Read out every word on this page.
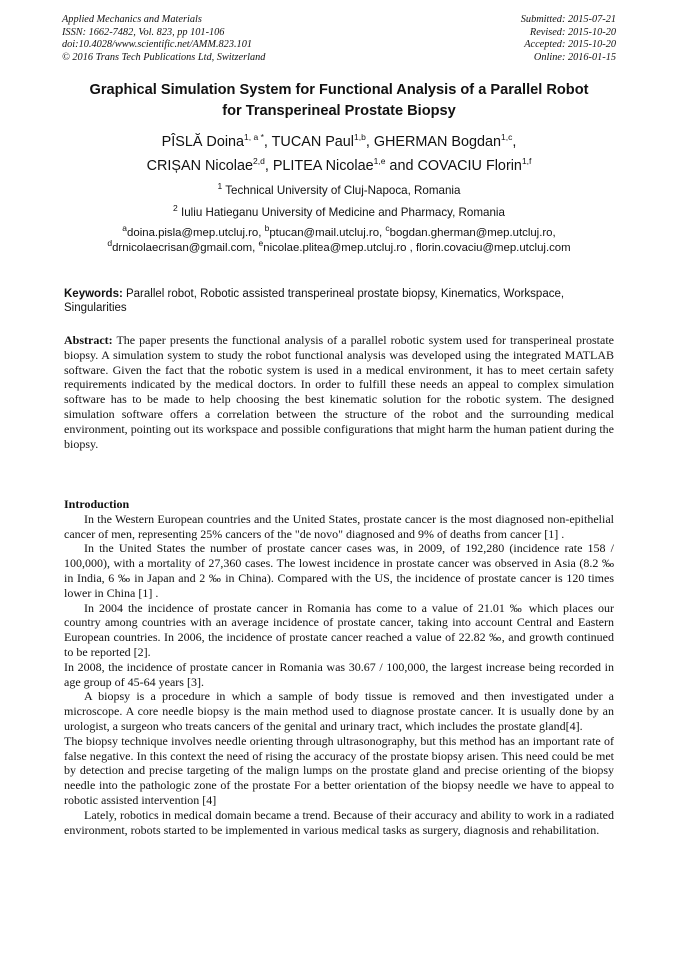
Applied Mechanics and Materials
ISSN: 1662-7482, Vol. 823, pp 101-106
doi:10.4028/www.scientific.net/AMM.823.101
© 2016 Trans Tech Publications Ltd, Switzerland
Submitted: 2015-07-21
Revised: 2015-10-20
Accepted: 2015-10-20
Online: 2016-01-15
Graphical Simulation System for Functional Analysis of a Parallel Robot
for Transperineal Prostate Biopsy
PÎSLĂ Doina$^{1, a *}$, TUCAN Paul$^{1,b}$, GHERMAN Bogdan$^{1,c}$,
CRIȘAN Nicolae$^{2,d}$, PLITEA Nicolae$^{1,e}$ and COVACIU Florin$^{1,f}$
$^1$ Technical University of Cluj-Napoca, Romania
$^2$ Iuliu Hatieganu University of Medicine and Pharmacy, Romania
$^a$doina.pisla@mep.utcluj.ro, $^b$ptucan@mail.utcluj.ro, $^c$bogdan.gherman@mep.utcluj.ro,
$^d$drnicolaecrisan@gmail.com, $^e$nicolae.plitea@mep.utcluj.ro , florin.covaciu@mep.utcluj.com
Keywords: Parallel robot, Robotic assisted transperineal prostate biopsy, Kinematics, Workspace, Singularities
Abstract: The paper presents the functional analysis of a parallel robotic system used for transperineal prostate biopsy. A simulation system to study the robot functional analysis was developed using the integrated MATLAB software. Given the fact that the robotic system is used in a medical environment, it has to meet certain safety requirements indicated by the medical doctors. In order to fulfill these needs an appeal to complex simulation software has to be made to help choosing the best kinematic solution for the robotic system. The designed simulation software offers a correlation between the structure of the robot and the surrounding medical environment, pointing out its workspace and possible configurations that might harm the human patient during the biopsy.
Introduction

In the Western European countries and the United States, prostate cancer is the most diagnosed non-epithelial cancer of men, representing 25% cancers of the "de novo" diagnosed and 9% of deaths from cancer [1] .

In the United States the number of prostate cancer cases was, in 2009, of 192,280 (incidence rate 158 / 100,000), with a mortality of 27,360 cases. The lowest incidence in prostate cancer was observed in Asia (8.2 ‰ in India, 6 ‰ in Japan and 2 ‰ in China). Compared with the US, the incidence of prostate cancer is 120 times lower in China [1] .

In 2004 the incidence of prostate cancer in Romania has come to a value of 21.01 ‰ which places our country among countries with an average incidence of prostate cancer, taking into account Central and Eastern European countries. In 2006, the incidence of prostate cancer reached a value of 22.82 ‰, and growth continued to be reported [2].

In 2008, the incidence of prostate cancer in Romania was 30.67 / 100,000, the largest increase being recorded in age group of 45-64 years [3].

A biopsy is a procedure in which a sample of body tissue is removed and then investigated under a microscope. A core needle biopsy is the main method used to diagnose prostate cancer. It is usually done by an urologist, a surgeon who treats cancers of the genital and urinary tract, which includes the prostate gland[4].

The biopsy technique involves needle orienting through ultrasonography, but this method has an important rate of false negative. In this context the need of rising the accuracy of the prostate biopsy arisen. This need could be met by detection and precise targeting of the malign lumps on the prostate gland and precise orienting of the biopsy needle into the pathologic zone of the prostate For a better orientation of the biopsy needle we have to appeal to robotic assisted intervention [4]

Lately, robotics in medical domain became a trend. Because of their accuracy and ability to work in a radiated environment, robots started to be implemented in various medical tasks as surgery, diagnosis and rehabilitation.
